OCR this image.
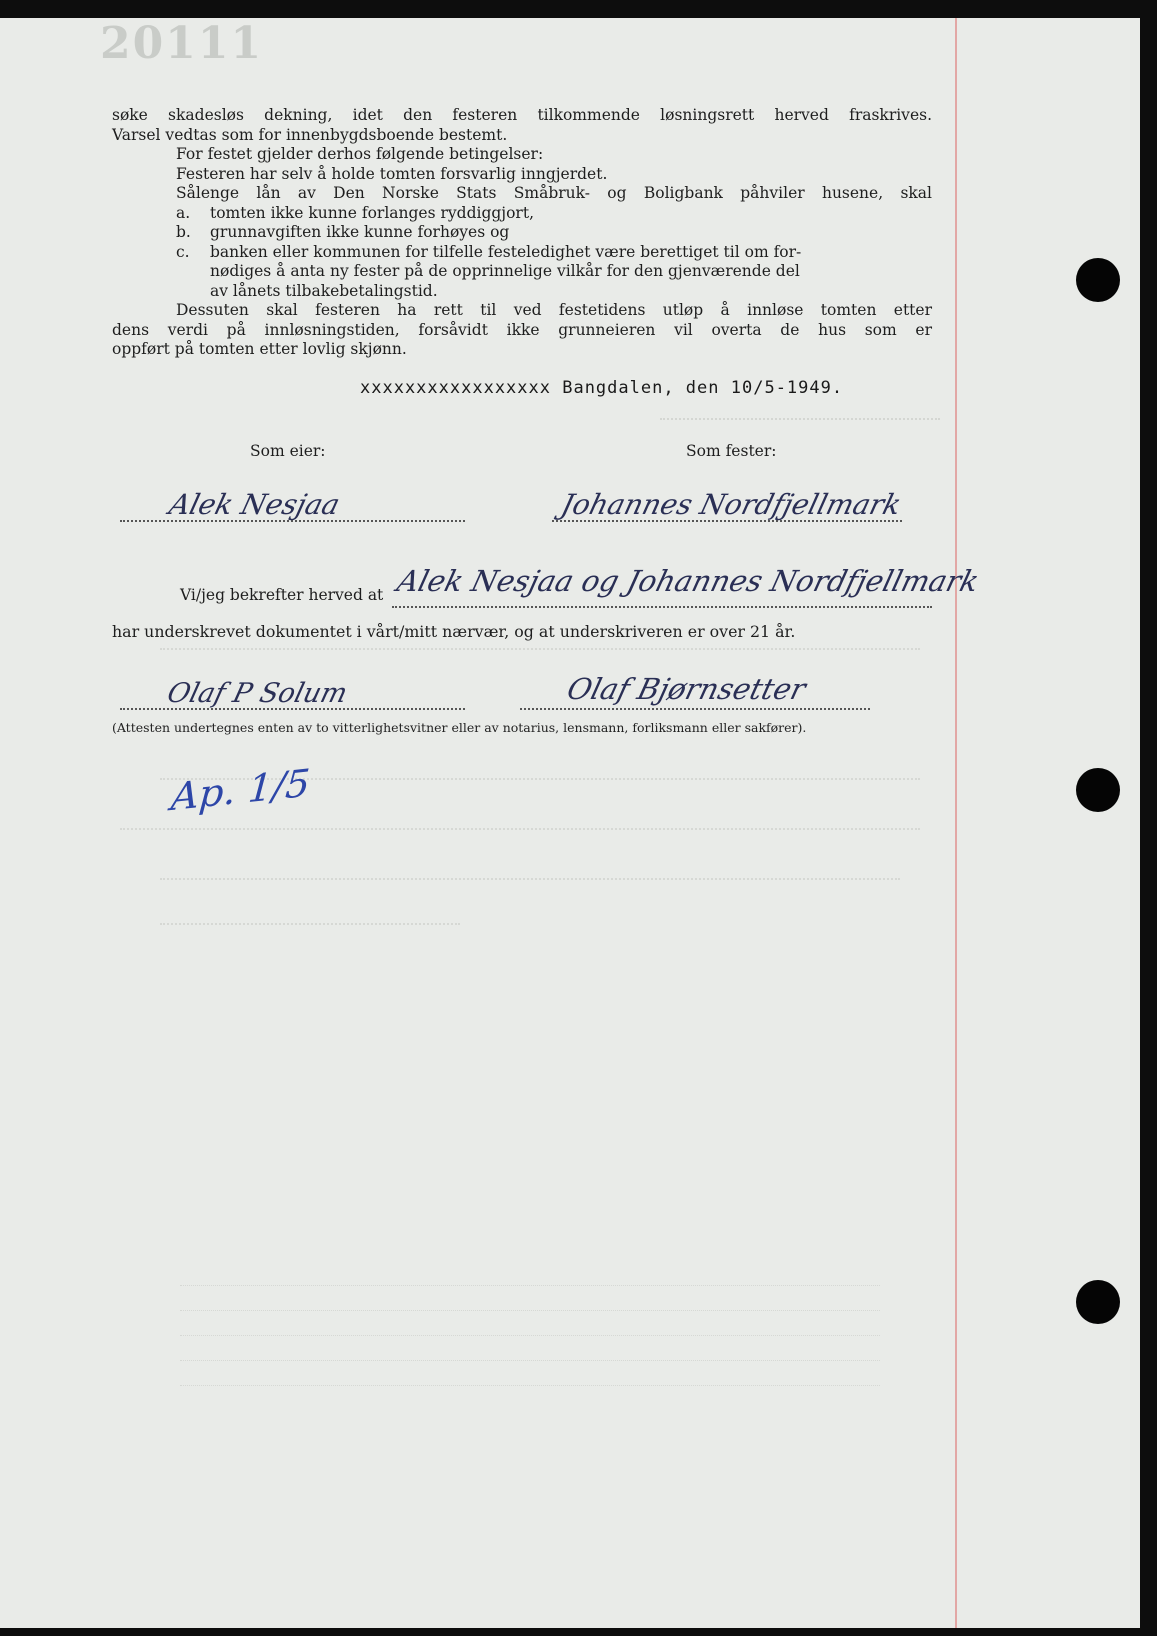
20111
søke skadesløs dekning, idet den festeren tilkommende løsningsrett herved fraskrives.
Varsel vedtas som for innenbygdsboende bestemt.
For festet gjelder derhos følgende betingelser:
Festeren har selv å holde tomten forsvarlig inngjerdet.
Sålenge lån av Den Norske Stats Småbruk- og Boligbank påhviler husene, skal
a.	tomten ikke kunne forlanges ryddiggjort,
b.	grunnavgiften ikke kunne forhøyes og
c.	banken eller kommunen for tilfelle festeledighet være berettiget til om for-
nødiges å anta ny fester på de opprinnelige vilkår for den gjenværende del
av lånets tilbakebetalingstid.
Dessuten skal festeren ha rett til ved festetidens utløp å innløse tomten etter
dens verdi på innløsningstiden, forsåvidt ikke grunneieren vil overta de hus som er
oppført på tomten etter lovlig skjønn.
xxxxxxxxxxxxxxxxx Bangdalen, den 10/5-1949.
Som eier:	Som fester:
Alek Nesjaa	Johannes Nordfjellmark
Vi/jeg bekrefter herved at Alek Nesjaa og Johannes Nordfjellmark
har underskrevet dokumentet i vårt/mitt nærvær, og at underskriveren er over 21 år.
Olaf P Solum	Olaf Bjørnsetter
(Attesten undertegnes enten av to vitterlighetsvitner eller av notarius, lensmann, forliksmann eller sakfører).
Ap. 1/5
